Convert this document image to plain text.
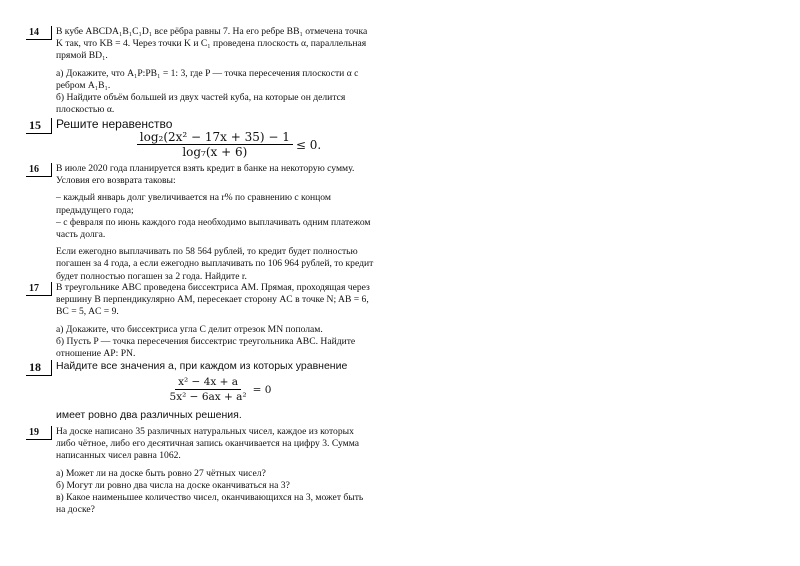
14	В кубе ABCDA₁B₁C₁D₁ все рёбра равны 7. На его ребре BB₁ отмечена точка

K так, что KB = 4. Через точки K и C₁ проведена плоскость α, параллельная

прямой BD₁.

а) Докажите, что A₁P:PB₁ = 1: 3, где P — точка пересечения плоскости α с

ребром A₁B₁.

б) Найдите объём большей из двух частей куба, на которые он делится

плоскостью α.

15	Решите неравенство

$\frac{\text{log₂(2x² − 17x + 35) − 1}}{\text{log₇(x + 6)}} \le 0$.
16	В июле 2020 года планируется взять кредит в банке на некоторую сумму.

Условия его возврата таковы:

– каждый январь долг увеличивается на r% по сравнению с концом

предыдущего года;

– с февраля по июнь каждого года необходимо выплачивать одним платежом

часть долга.

Если ежегодно выплачивать по 58 564 рублей, то кредит будет полностью

погашен за 4 года, а если ежегодно выплачивать по 106 964 рублей, то кредит

будет полностью погашен за 2 года. Найдите r.

17	В треугольнике ABC проведена биссектриса AM. Прямая, проходящая через

вершину B перпендикулярно AM, пересекает сторону AC в точке N; AB = 6,

BC = 5, AC = 9.

а) Докажите, что биссектриса угла C делит отрезок MN пополам.

б) Пусть P — точка пересечения биссектрис треугольника ABC. Найдите

отношение AP: PN.

18	Найдите все значения a, при каждом из которых уравнение

$\frac{\text{x² − 4x + a}}{\text{5x² − 6ax + a²}} = 0$

имеет ровно два различных решения.

19	На доске написано 35 различных натуральных чисел, каждое из которых

либо чётное, либо его десятичная запись оканчивается на цифру 3. Сумма

написанных чисел равна 1062.

а) Может ли на доске быть ровно 27 чётных чисел?

б) Могут ли ровно два числа на доске оканчиваться на 3?

в) Какое наименьшее количество чисел, оканчивающихся на 3, может быть

на доске?
